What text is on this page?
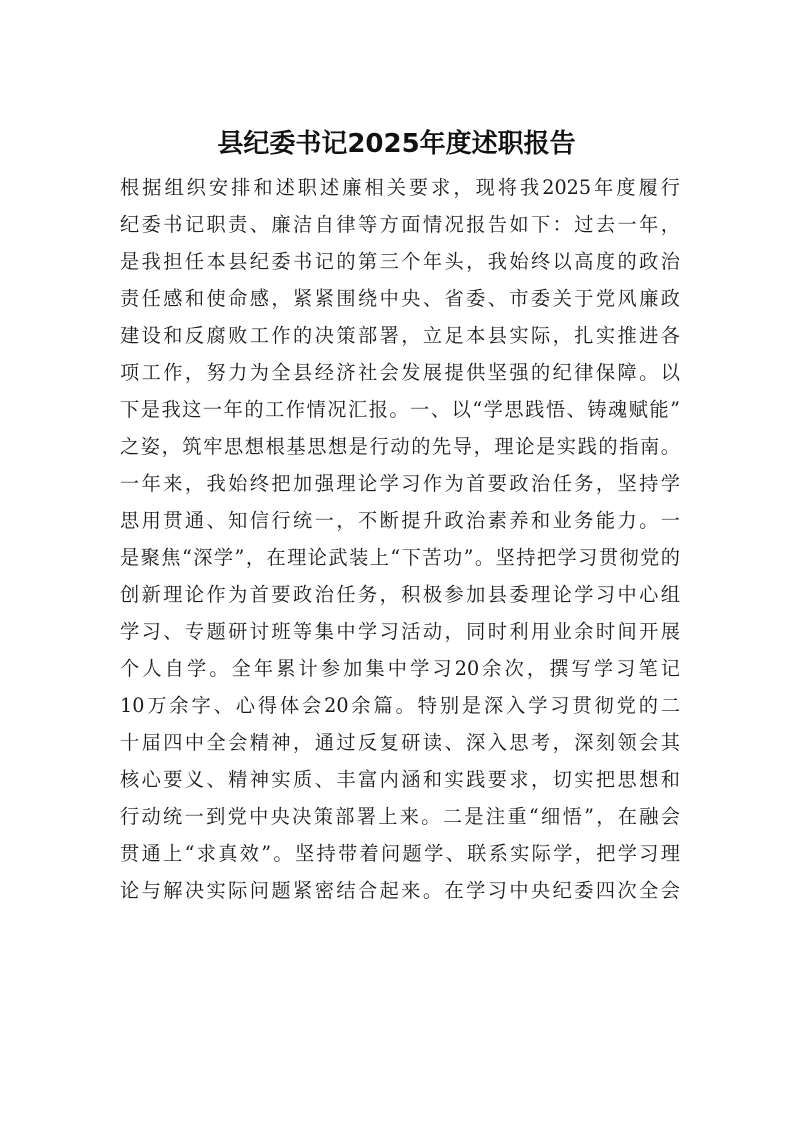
县纪委书记2025年度述职报告
根据组织安排和述职述廉相关要求，现将我2025年度履行
纪委书记职责、廉洁自律等方面情况报告如下：过去一年，
是我担任本县纪委书记的第三个年头，我始终以高度的政治
责任感和使命感，紧紧围绕中央、省委、市委关于党风廉政
建设和反腐败工作的决策部署，立足本县实际，扎实推进各
项工作，努力为全县经济社会发展提供坚强的纪律保障。以
下是我这一年的工作情况汇报。一、以“学思践悟、铸魂赋能”
之姿，筑牢思想根基思想是行动的先导，理论是实践的指南。
一年来，我始终把加强理论学习作为首要政治任务，坚持学
思用贯通、知信行统一，不断提升政治素养和业务能力。一
是聚焦“深学”，在理论武装上“下苦功”。坚持把学习贯彻党的
创新理论作为首要政治任务，积极参加县委理论学习中心组
学习、专题研讨班等集中学习活动，同时利用业余时间开展
个人自学。全年累计参加集中学习20余次，撰写学习笔记
10万余字、心得体会20余篇。特别是深入学习贯彻党的二
十届四中全会精神，通过反复研读、深入思考，深刻领会其
核心要义、精神实质、丰富内涵和实践要求，切实把思想和
行动统一到党中央决策部署上来。二是注重“细悟”，在融会
贯通上“求真效”。坚持带着问题学、联系实际学，把学习理
论与解决实际问题紧密结合起来。在学习中央纪委四次全会
